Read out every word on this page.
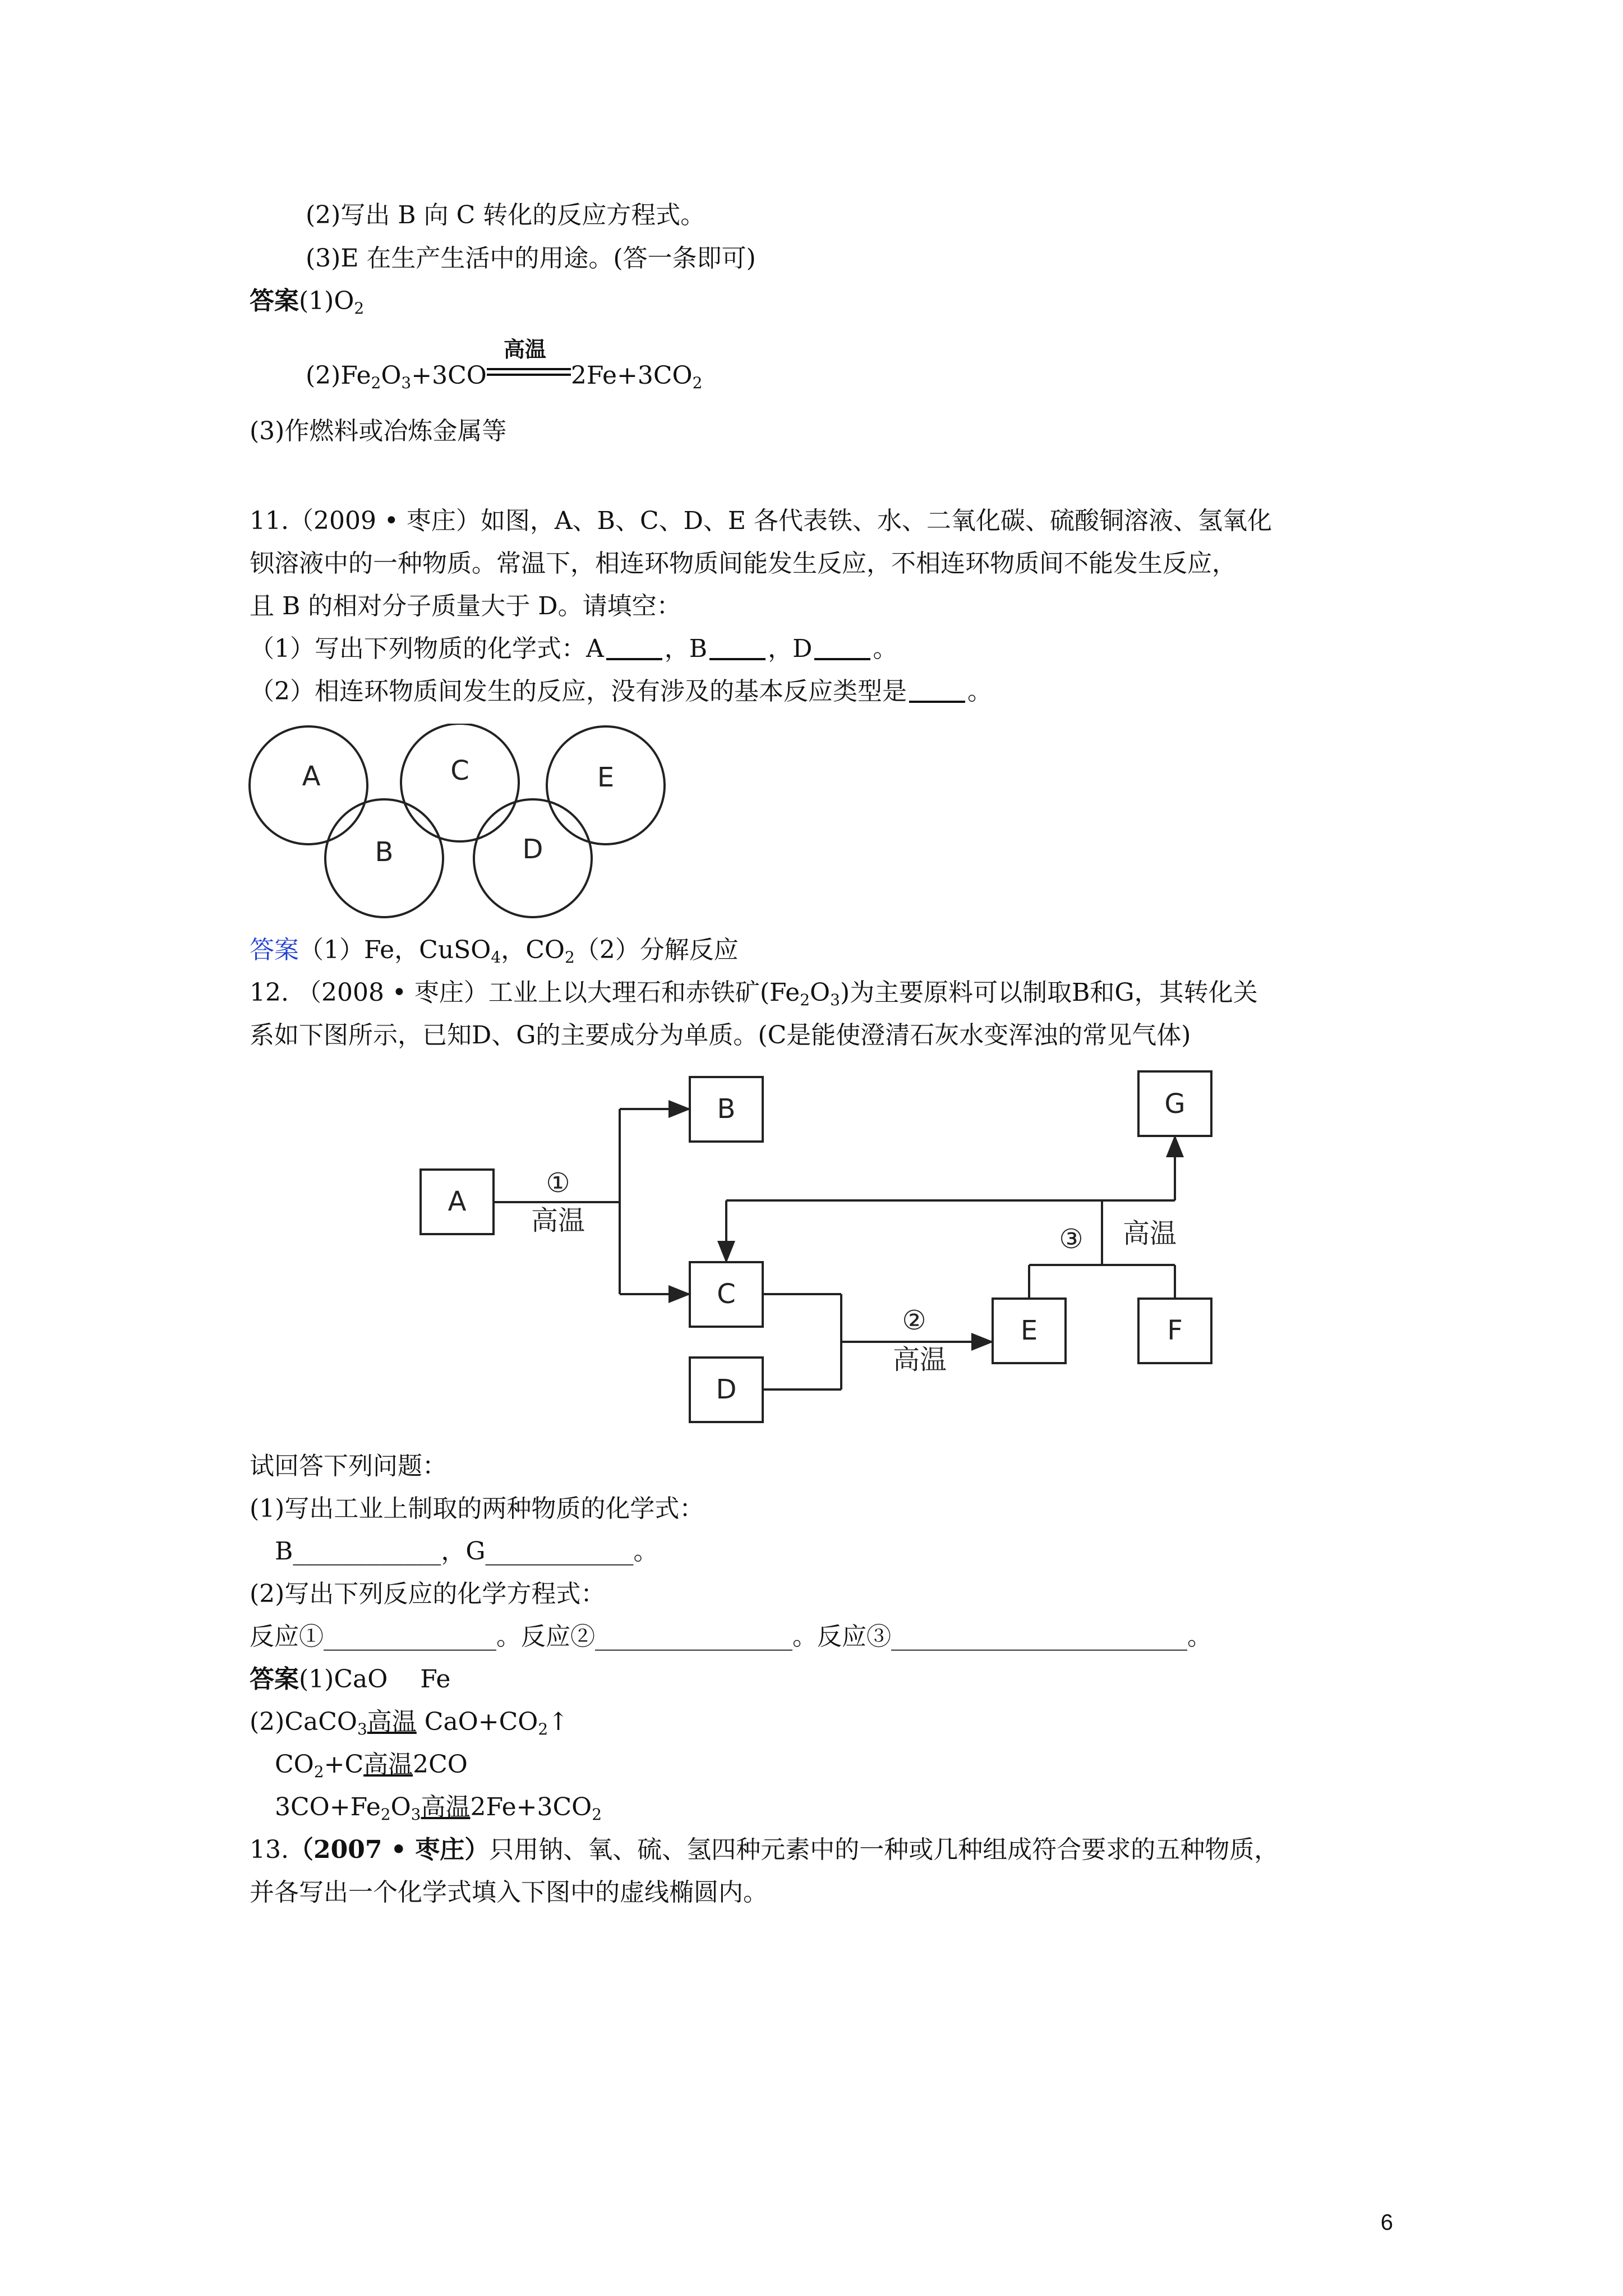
(2)写出 B 向 C 转化的反应方程式。
(3)E 在生产生活中的用途。(答一条即可)
答案$(1)O_2$
$(2)Fe_2O_3+3CO$
高温
$2Fe+3CO_2$
(3)作燃料或冶炼金属等
11.（2009 • 枣庄）如图，A、B、C、D、E 各代表铁、水、二氧化碳、硫酸铜溶液、氢氧化
钡溶液中的一种物质。常温下，相连环物质间能发生反应，不相连环物质间不能发生反应，
且 B 的相对分子质量大于 D。请填空：
（1）写出下列物质的化学式：A ，B ，D 。
（2）相连环物质间发生的反应，没有涉及的基本反应类型是 。
A
B
C
D
E
答案（1）Fe，CuSO$_4$，$CO_2(2)$分解反应
12. （2008 • 枣庄）工业上以大理石和赤铁矿$(Fe_2O_3)$为主要原料可以制取B和G，其转化关
系如下图所示，已知D、G的主要成分为单质。(C是能使澄清石灰水变浑浊的常见气体)
A
B
C
D
E	F
G
①
高温
②
高温
③ 高温
试回答下列问题：
(1)写出工业上制取的两种物质的化学式：
B____________，G____________。
(2)写出下列反应的化学方程式：
反应①______________。反应②________________。反应③________________________。
答案(1)CaO　 Fe
(2)CaCO$_3$高温 $CaO+CO_2↑$
$CO_2+C$高温2CO
$3CO+Fe_2O_3$高温$2Fe+3CO_2$
13.（2007 • 枣庄）只用钠、氧、硫、氢四种元素中的一种或几种组成符合要求的五种物质，
并各写出一个化学式填入下图中的虚线椭圆内。
6
